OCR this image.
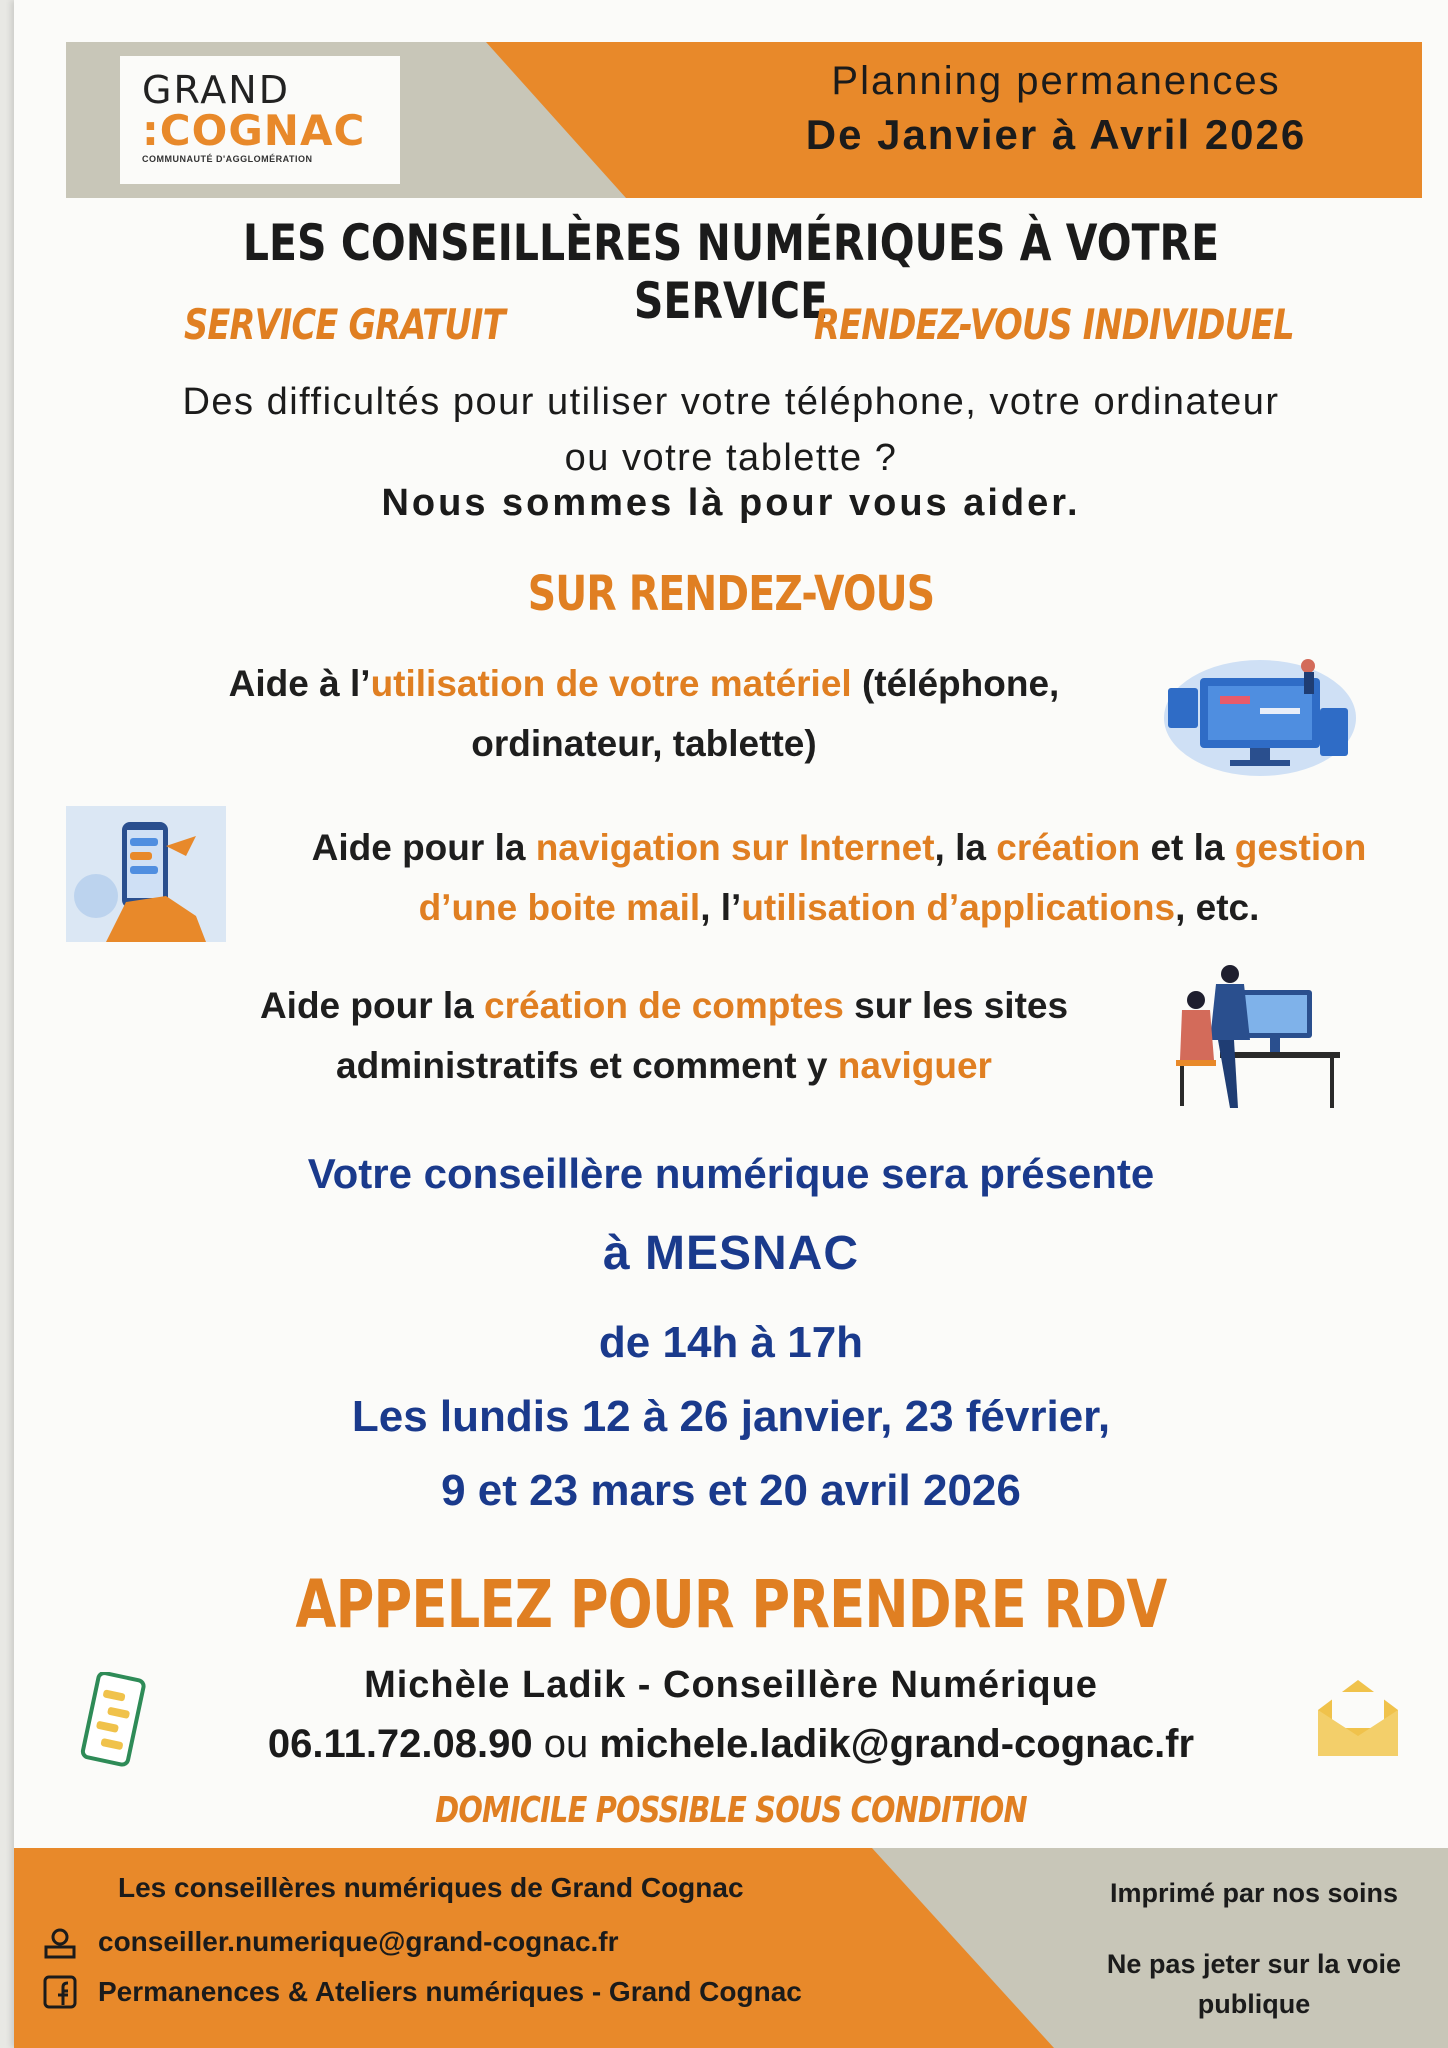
GRAND
:COGNAC
COMMUNAUTÉ D'AGGLOMÉRATION
Planning permanences
De Janvier à Avril 2026
LES CONSEILLÈRES NUMÉRIQUES À VOTRE SERVICE
SERVICE GRATUIT	RENDEZ-VOUS INDIVIDUEL
Des difficultés pour utiliser votre téléphone, votre ordinateur
ou votre tablette ?
Nous sommes là pour vous aider.
SUR RENDEZ-VOUS
Aide à l’utilisation de votre matériel (téléphone,
ordinateur, tablette)
Aide pour la navigation sur Internet, la création et la gestion
d’une boite mail, l’utilisation d’applications, etc.
Aide pour la création de comptes sur les sites
administratifs et comment y naviguer
Votre conseillère numérique sera présente
à MESNAC
de 14h à 17h
Les lundis 12 à 26 janvier, 23 février,
9 et 23 mars et 20 avril 2026
APPELEZ POUR PRENDRE RDV
Michèle Ladik - Conseillère Numérique
06.11.72.08.90 ou michele.ladik@grand-cognac.fr
DOMICILE POSSIBLE SOUS CONDITION
Les conseillères numériques de Grand Cognac
conseiller.numerique@grand-cognac.fr
Permanences & Ateliers numériques - Grand Cognac
Imprimé par nos soins
Ne pas jeter sur la voie publique
